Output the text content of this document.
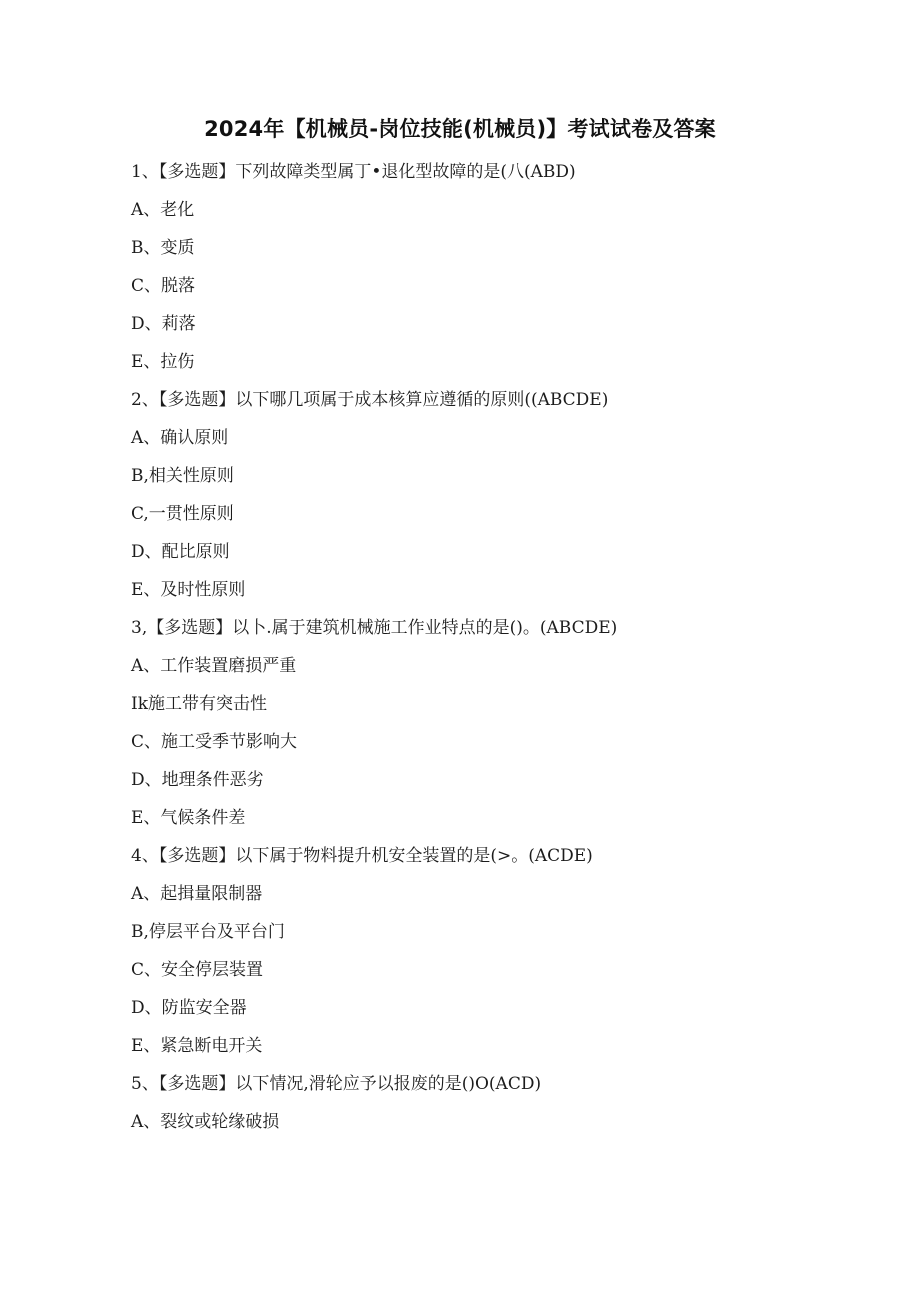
2024年【机械员-岗位技能(机械员)】考试试卷及答案
1、【多选题】下列故障类型属丁•退化型故障的是(八(ABD)
A、老化
B、变质
C、脱落
D、莉落
E、拉伤
2、【多选题】以下哪几项属于成本核算应遵循的原则((ABCDE)
A、确认原则
B,相关性原则
C,一贯性原则
D、配比原则
E、及时性原则
3,【多选题】以卜.属于建筑机械施工作业特点的是()。(ABCDE)
A、工作装置磨损严重
Ik施工带有突击性
C、施工受季节影响大
D、地理条件恶劣
E、气候条件差
4、【多选题】以下属于物料提升机安全装置的是(>。(ACDE)
A、起揖量限制器
B,停层平台及平台门
C、安全停层装置
D、防监安全器
E、紧急断电开关
5、【多选题】以下情况,滑轮应予以报废的是()O(ACD)
A、裂纹或轮缘破损
